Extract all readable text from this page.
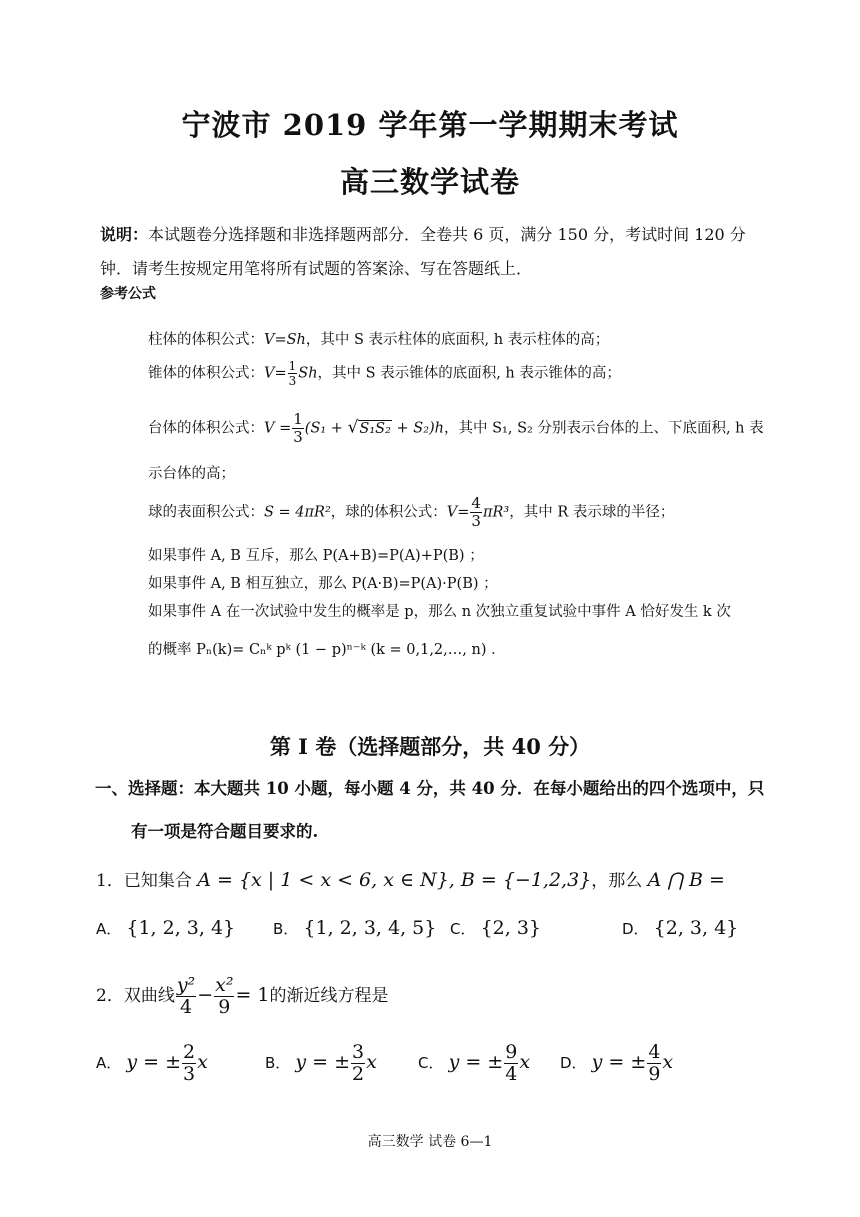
宁波市 2019 学年第一学期期末考试
高三数学试卷
说明：本试题卷分选择题和非选择题两部分．全卷共 6 页，满分 150 分，考试时间 120 分
钟．请考生按规定用笔将所有试题的答案涂、写在答题纸上．
参考公式
柱体的体积公式：V=Sh，其中 S 表示柱体的底面积, h 表示柱体的高；
锥体的体积公式：$V= \frac{1}{3}$ Sh，其中 S 表示锥体的底面积, h 表示锥体的高；
台体的体积公式：$V = \frac{1}{3} (S_1 + √S_1S_2 + S_2)h$，其中 S₁, S₂ 分别表示台体的上、下底面积, h 表
示台体的高；
球的表面积公式：S = 4πR²，球的体积公式：$V= \frac{4}{3} \pi R^3$，其中 R 表示球的半径；
如果事件 A, B 互斥，那么 P(A+B)=P(A)+P(B) ；
如果事件 A, B 相互独立，那么 P(A·B)=P(A)·P(B) ；
如果事件 A 在一次试验中发生的概率是 p，那么 n 次独立重复试验中事件 A 恰好发生 k 次
的概率 Pₙ(k)= Cₙᵏ pᵏ (1 − p)ⁿ⁻ᵏ (k = 0,1,2,…, n) ．
第 Ⅰ 卷（选择题部分，共 40 分）
一、选择题：本大题共 10 小题，每小题 4 分，共 40 分．在每小题给出的四个选项中，只
有一项是符合题目要求的.
1．已知集合 A = {x | 1 < x < 6, x ∈ N}, B = {−1,2,3}，那么 A ⋂ B =
A． {1, 2, 3, 4}	B． {1, 2, 3, 4, 5} C． {2, 3}	D． {2, 3, 4}
2．双曲线 $\frac{\text{y²}}{4} - \frac{\text{x²}}{9} = 1$的渐近线方程是
A． y = ± $\frac{2}{3}$ x	B． y = ± $\frac{3}{2}$ x	C． y = ± $\frac{9}{4}$ x D． y = ± $\frac{4}{9}$ x
高三数学 试卷 6—1
